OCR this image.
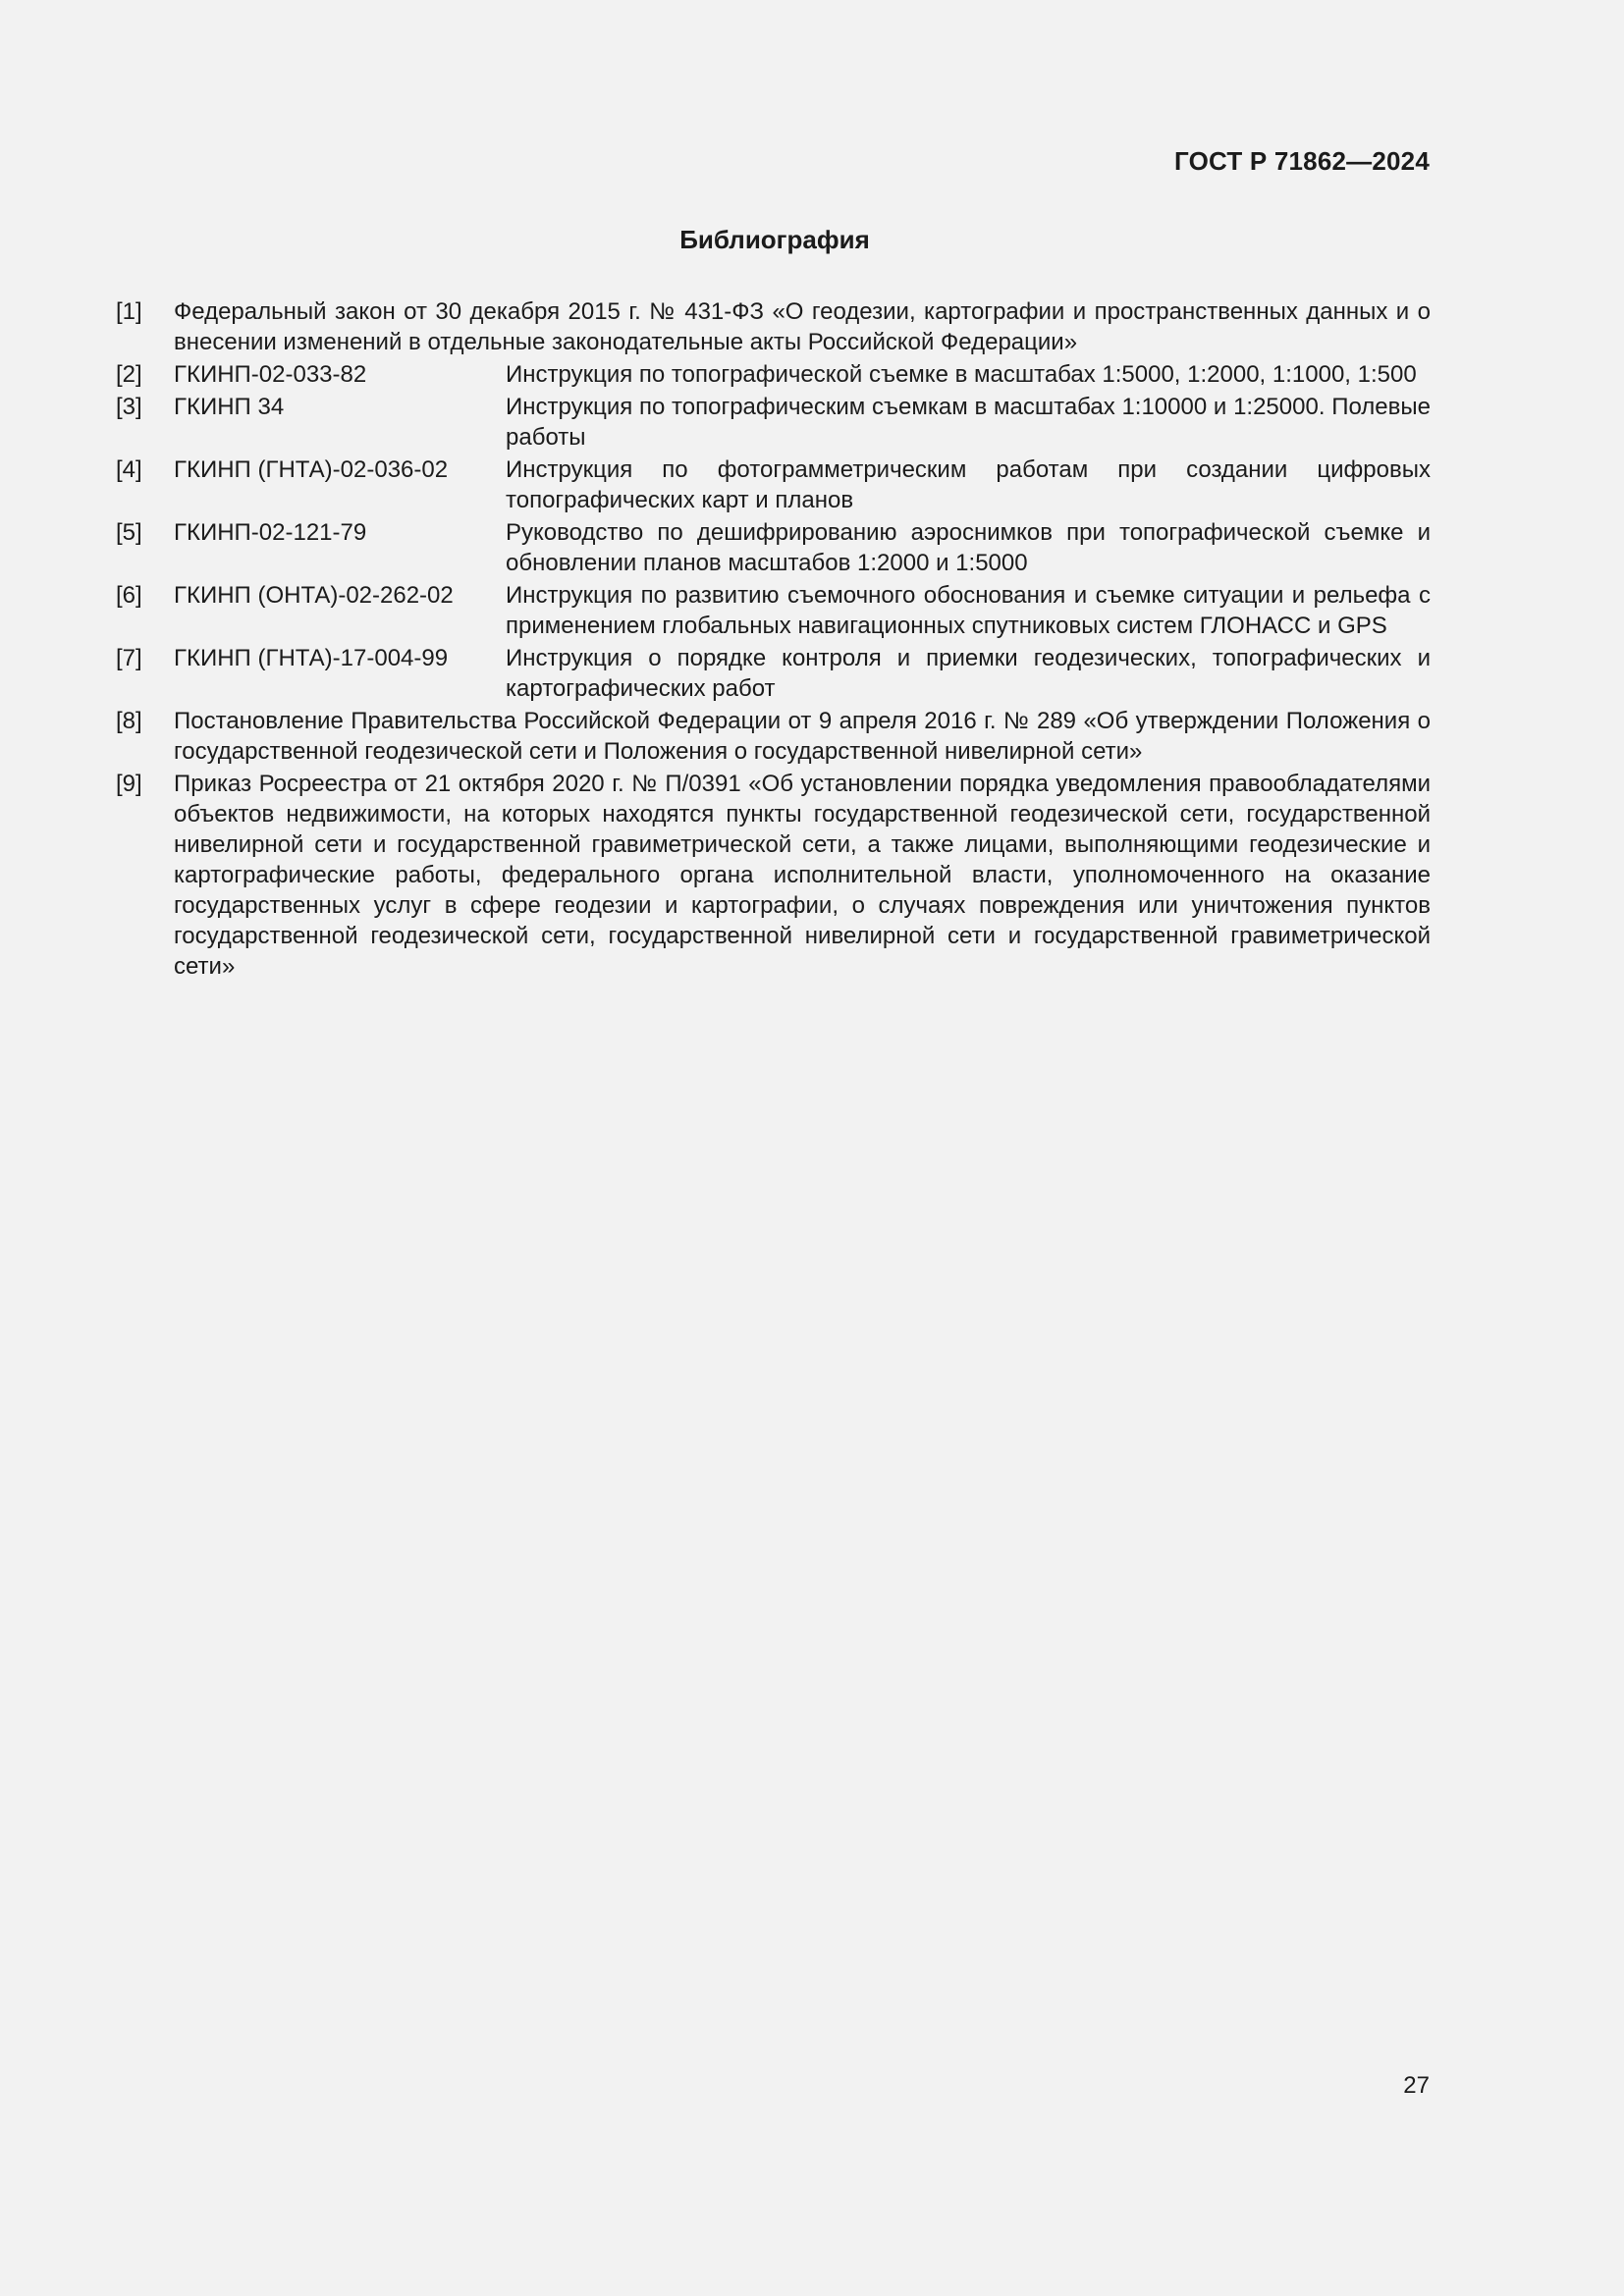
ГОСТ Р 71862—2024
Библиография
[1]	Федеральный закон от 30 декабря 2015 г. № 431-ФЗ «О геодезии, картографии и пространственных данных и о внесении изменений в отдельные законодательные акты Российской Федерации»
[2]	ГКИНП-02-033-82	Инструкция по топографической съемке в масштабах 1:5000, 1:2000, 1:1000, 1:500
[3]	ГКИНП 34	Инструкция по топографическим съемкам в масштабах 1:10000 и 1:25000. Полевые работы
[4]	ГКИНП (ГНТА)-02-036-02	Инструкция по фотограмметрическим работам при создании цифровых топографических карт и планов
[5]	ГКИНП-02-121-79	Руководство по дешифрированию аэроснимков при топографической съемке и обновлении планов масштабов 1:2000 и 1:5000
[6]	ГКИНП (ОНТА)-02-262-02	Инструкция по развитию съемочного обоснования и съемке ситуации и рельефа с применением глобальных навигационных спутниковых систем ГЛОНАСС и GPS
[7]	ГКИНП (ГНТА)-17-004-99	Инструкция о порядке контроля и приемки геодезических, топографических и картографических работ
[8]	Постановление Правительства Российской Федерации от 9 апреля 2016 г. № 289 «Об утверждении Положения о государственной геодезической сети и Положения о государственной нивелирной сети»
[9]	Приказ Росреестра от 21 октября 2020 г. № П/0391 «Об установлении порядка уведомления правообладателями объектов недвижимости, на которых находятся пункты государственной геодезической сети, государственной нивелирной сети и государственной гравиметрической сети, а также лицами, выполняющими геодезические и картографические работы, федерального органа исполнительной власти, уполномоченного на оказание государственных услуг в сфере геодезии и картографии, о случаях повреждения или уничтожения пунктов государственной геодезической сети, государственной нивелирной сети и государственной гравиметрической сети»
27
